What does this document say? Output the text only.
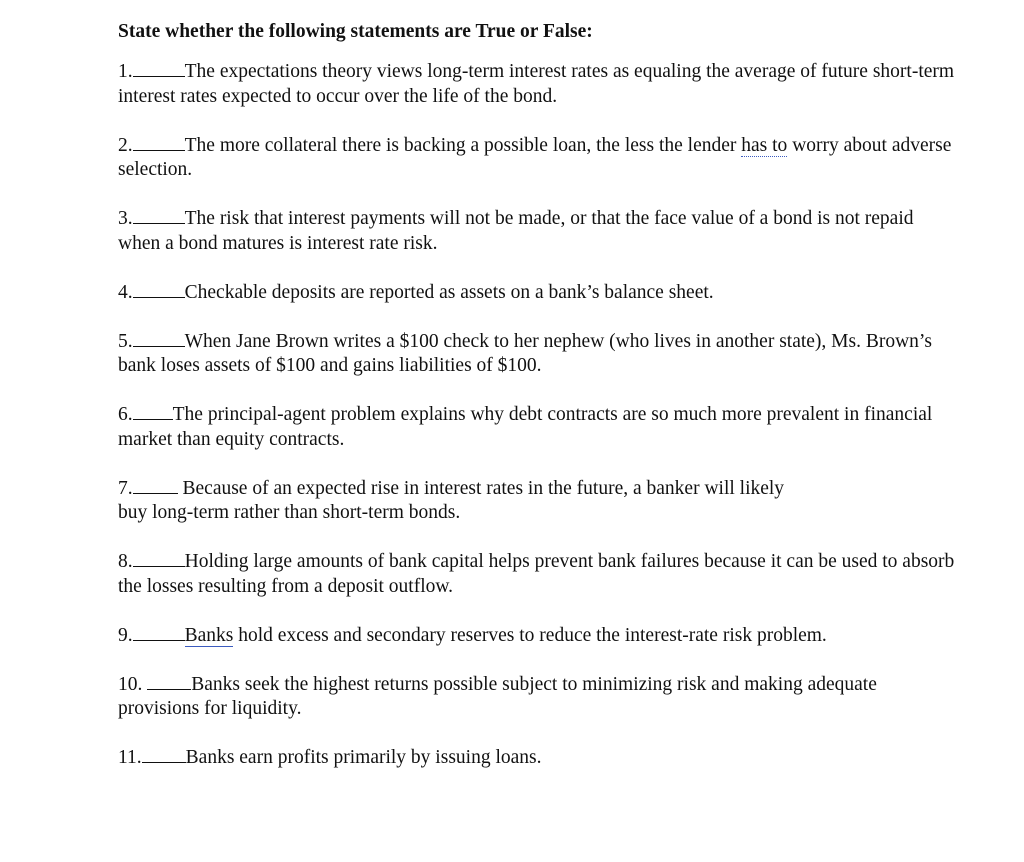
State whether the following statements are True or False:
1.	The expectations theory views long-term interest rates as equaling the average of future short-term interest rates expected to occur over the life of the bond.
2.	The more collateral there is backing a possible loan, the less the lender has to worry about adverse selection.
3.	The risk that interest payments will not be made, or that the face value of a bond is not repaid when a bond matures is interest rate risk.
4.	Checkable deposits are reported as assets on a bank’s balance sheet.
5.	When Jane Brown writes a $100 check to her nephew (who lives in another state), Ms. Brown’s bank loses assets of $100 and gains liabilities of $100.
6. The principal-agent problem explains why debt contracts are so much more prevalent in financial market than equity contracts.
7. Because of an expected rise in interest rates in the future, a banker will likely
buy long-term rather than short-term bonds.
8.	Holding large amounts of bank capital helps prevent bank failures because it can be used to absorb the losses resulting from a deposit outflow.
9.	Banks hold excess and secondary reserves to reduce the interest-rate risk problem.
10. Banks seek the highest returns possible subject to minimizing risk and making adequate provisions for liquidity.
11. Banks earn profits primarily by issuing loans.
